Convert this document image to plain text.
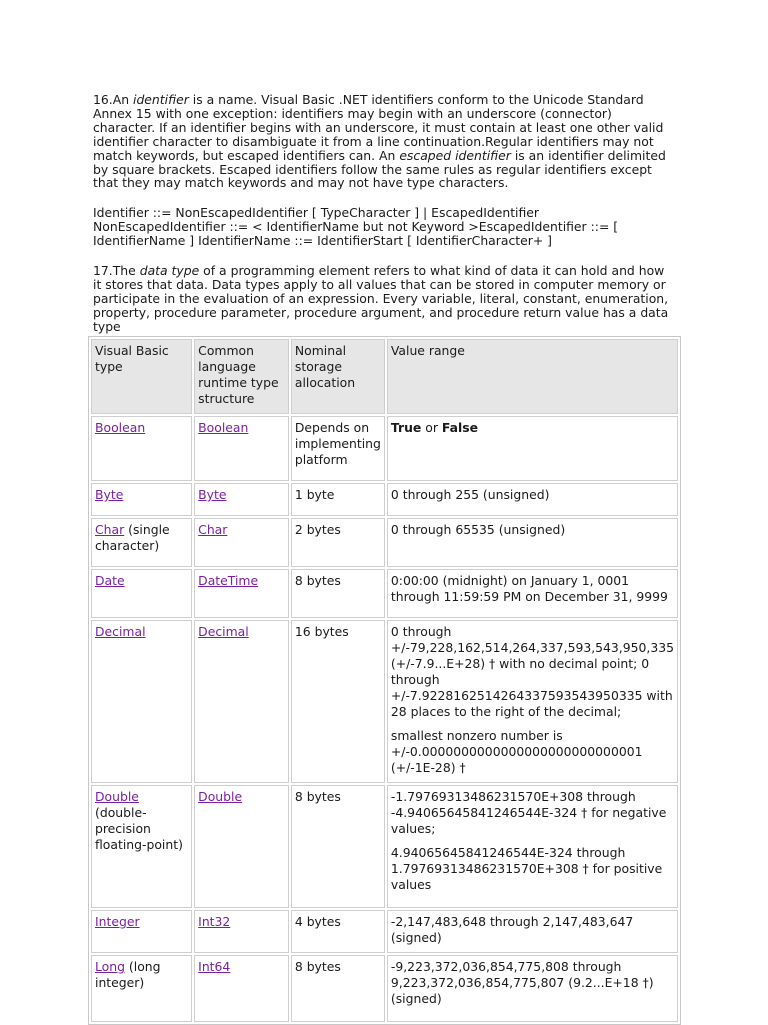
16.An identifier is a name. Visual Basic .NET identifiers conform to the Unicode Standard Annex 15 with one exception: identifiers may begin with an underscore (connector) character. If an identifier begins with an underscore, it must contain at least one other valid identifier character to disambiguate it from a line continuation.Regular identifiers may not match keywords, but escaped identifiers can. An escaped identifier is an identifier delimited by square brackets. Escaped identifiers follow the same rules as regular identifiers except that they may match keywords and may not have type characters.

Identifier ::= NonEscapedIdentifier [ TypeCharacter ] | EscapedIdentifier NonEscapedIdentifier ::= < IdentifierName but not Keyword >EscapedIdentifier ::= [ IdentifierName ] IdentifierName ::= IdentifierStart [ IdentifierCharacter+ ]

17.The data type of a programming element refers to what kind of data it can hold and how it stores that data. Data types apply to all values that can be stored in computer memory or participate in the evaluation of an expression. Every variable, literal, constant, enumeration, property, procedure parameter, procedure argument, and procedure return value has a data type

Visual Basic type	Common language runtime type structure	Nominal storage allocation	Value range
Boolean	Boolean	Depends on implementing platform	True or False
Byte	Byte	1 byte	0 through 255 (unsigned)
Char (single character)	Char	2 bytes	0 through 65535 (unsigned)
Date	DateTime	8 bytes	0:00:00 (midnight) on January 1, 0001 through 11:59:59 PM on December 31, 9999
Decimal	Decimal	16 bytes	0 through +/-79,228,162,514,264,337,593,543,950,335 (+/-7.9...E+28) † with no decimal point; 0 through +/-7.9228162514264337593543950335 with 28 places to the right of the decimal;

smallest nonzero number is +/-0.0000000000000000000000000001 (+/-1E-28) †

Double (double-precision floating-point)	Double	8 bytes	-1.79769313486231570E+308 through -4.94065645841246544E-324 † for negative values;

4.94065645841246544E-324 through 1.79769313486231570E+308 † for positive values

Integer	Int32	4 bytes	-2,147,483,648 through 2,147,483,647 (signed)
Long (long integer)	Int64	8 bytes	-9,223,372,036,854,775,808 through 9,223,372,036,854,775,807 (9.2...E+18 †) (signed)
